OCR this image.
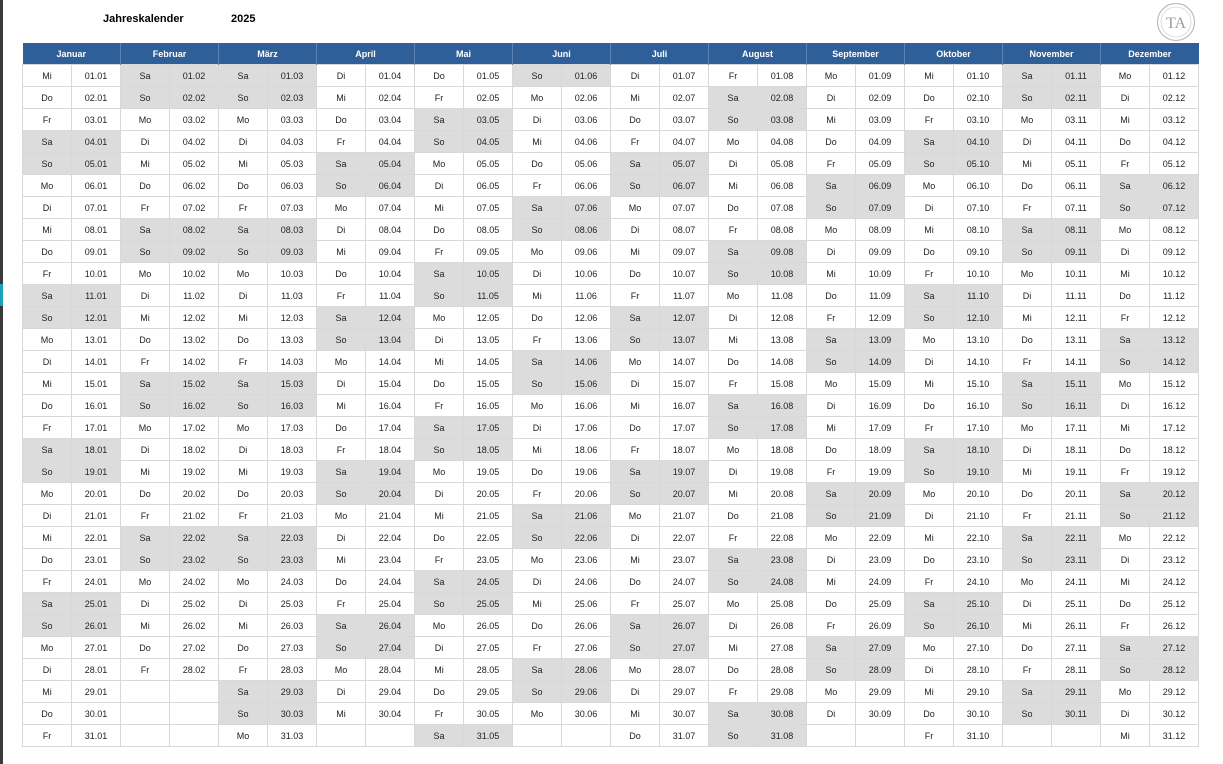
Jahreskalender	2025	TA
Januar		Februar		März		April		Mai		Juni		Juli		August		September		Oktober		November		Dezember	
Mi	01.01	Sa	01.02	Sa	01.03	Di	01.04	Do	01.05	So	01.06	Di	01.07	Fr	01.08	Mo	01.09	Mi	01.10	Sa	01.11	Mo	01.12
Do	02.01	So	02.02	So	02.03	Mi	02.04	Fr	02.05	Mo	02.06	Mi	02.07	Sa	02.08	Di	02.09	Do	02.10	So	02.11	Di	02.12
Fr	03.01	Mo	03.02	Mo	03.03	Do	03.04	Sa	03.05	Di	03.06	Do	03.07	So	03.08	Mi	03.09	Fr	03.10	Mo	03.11	Mi	03.12
Sa	04.01	Di	04.02	Di	04.03	Fr	04.04	So	04.05	Mi	04.06	Fr	04.07	Mo	04.08	Do	04.09	Sa	04.10	Di	04.11	Do	04.12
So	05.01	Mi	05.02	Mi	05.03	Sa	05.04	Mo	05.05	Do	05.06	Sa	05.07	Di	05.08	Fr	05.09	So	05.10	Mi	05.11	Fr	05.12
Mo	06.01	Do	06.02	Do	06.03	So	06.04	Di	06.05	Fr	06.06	So	06.07	Mi	06.08	Sa	06.09	Mo	06.10	Do	06.11	Sa	06.12
Di	07.01	Fr	07.02	Fr	07.03	Mo	07.04	Mi	07.05	Sa	07.06	Mo	07.07	Do	07.08	So	07.09	Di	07.10	Fr	07.11	So	07.12
Mi	08.01	Sa	08.02	Sa	08.03	Di	08.04	Do	08.05	So	08.06	Di	08.07	Fr	08.08	Mo	08.09	Mi	08.10	Sa	08.11	Mo	08.12
Do	09.01	So	09.02	So	09.03	Mi	09.04	Fr	09.05	Mo	09.06	Mi	09.07	Sa	09.08	Di	09.09	Do	09.10	So	09.11	Di	09.12
Fr	10.01	Mo	10.02	Mo	10.03	Do	10.04	Sa	10.05	Di	10.06	Do	10.07	So	10.08	Mi	10.09	Fr	10.10	Mo	10.11	Mi	10.12
Sa	11.01	Di	11.02	Di	11.03	Fr	11.04	So	11.05	Mi	11.06	Fr	11.07	Mo	11.08	Do	11.09	Sa	11.10	Di	11.11	Do	11.12
So	12.01	Mi	12.02	Mi	12.03	Sa	12.04	Mo	12.05	Do	12.06	Sa	12.07	Di	12.08	Fr	12.09	So	12.10	Mi	12.11	Fr	12.12
Mo	13.01	Do	13.02	Do	13.03	So	13.04	Di	13.05	Fr	13.06	So	13.07	Mi	13.08	Sa	13.09	Mo	13.10	Do	13.11	Sa	13.12
Di	14.01	Fr	14.02	Fr	14.03	Mo	14.04	Mi	14.05	Sa	14.06	Mo	14.07	Do	14.08	So	14.09	Di	14.10	Fr	14.11	So	14.12
Mi	15.01	Sa	15.02	Sa	15.03	Di	15.04	Do	15.05	So	15.06	Di	15.07	Fr	15.08	Mo	15.09	Mi	15.10	Sa	15.11	Mo	15.12
Do	16.01	So	16.02	So	16.03	Mi	16.04	Fr	16.05	Mo	16.06	Mi	16.07	Sa	16.08	Di	16.09	Do	16.10	So	16.11	Di	16.12
Fr	17.01	Mo	17.02	Mo	17.03	Do	17.04	Sa	17.05	Di	17.06	Do	17.07	So	17.08	Mi	17.09	Fr	17.10	Mo	17.11	Mi	17.12
Sa	18.01	Di	18.02	Di	18.03	Fr	18.04	So	18.05	Mi	18.06	Fr	18.07	Mo	18.08	Do	18.09	Sa	18.10	Di	18.11	Do	18.12
So	19.01	Mi	19.02	Mi	19.03	Sa	19.04	Mo	19.05	Do	19.06	Sa	19.07	Di	19.08	Fr	19.09	So	19.10	Mi	19.11	Fr	19.12
Mo	20.01	Do	20.02	Do	20.03	So	20.04	Di	20.05	Fr	20.06	So	20.07	Mi	20.08	Sa	20.09	Mo	20.10	Do	20.11	Sa	20.12
Di	21.01	Fr	21.02	Fr	21.03	Mo	21.04	Mi	21.05	Sa	21.06	Mo	21.07	Do	21.08	So	21.09	Di	21.10	Fr	21.11	So	21.12
Mi	22.01	Sa	22.02	Sa	22.03	Di	22.04	Do	22.05	So	22.06	Di	22.07	Fr	22.08	Mo	22.09	Mi	22.10	Sa	22.11	Mo	22.12
Do	23.01	So	23.02	So	23.03	Mi	23.04	Fr	23.05	Mo	23.06	Mi	23.07	Sa	23.08	Di	23.09	Do	23.10	So	23.11	Di	23.12
Fr	24.01	Mo	24.02	Mo	24.03	Do	24.04	Sa	24.05	Di	24.06	Do	24.07	So	24.08	Mi	24.09	Fr	24.10	Mo	24.11	Mi	24.12
Sa	25.01	Di	25.02	Di	25.03	Fr	25.04	So	25.05	Mi	25.06	Fr	25.07	Mo	25.08	Do	25.09	Sa	25.10	Di	25.11	Do	25.12
So	26.01	Mi	26.02	Mi	26.03	Sa	26.04	Mo	26.05	Do	26.06	Sa	26.07	Di	26.08	Fr	26.09	So	26.10	Mi	26.11	Fr	26.12
Mo	27.01	Do	27.02	Do	27.03	So	27.04	Di	27.05	Fr	27.06	So	27.07	Mi	27.08	Sa	27.09	Mo	27.10	Do	27.11	Sa	27.12
Di	28.01	Fr	28.02	Fr	28.03	Mo	28.04	Mi	28.05	Sa	28.06	Mo	28.07	Do	28.08	So	28.09	Di	28.10	Fr	28.11	So	28.12
Mi	29.01			Sa	29.03	Di	29.04	Do	29.05	So	29.06	Di	29.07	Fr	29.08	Mo	29.09	Mi	29.10	Sa	29.11	Mo	29.12
Do	30.01			So	30.03	Mi	30.04	Fr	30.05	Mo	30.06	Mi	30.07	Sa	30.08	Di	30.09	Do	30.10	So	30.11	Di	30.12
Fr	31.01			Mo	31.03			Sa	31.05			Do	31.07	So	31.08			Fr	31.10			Mi	31.12
